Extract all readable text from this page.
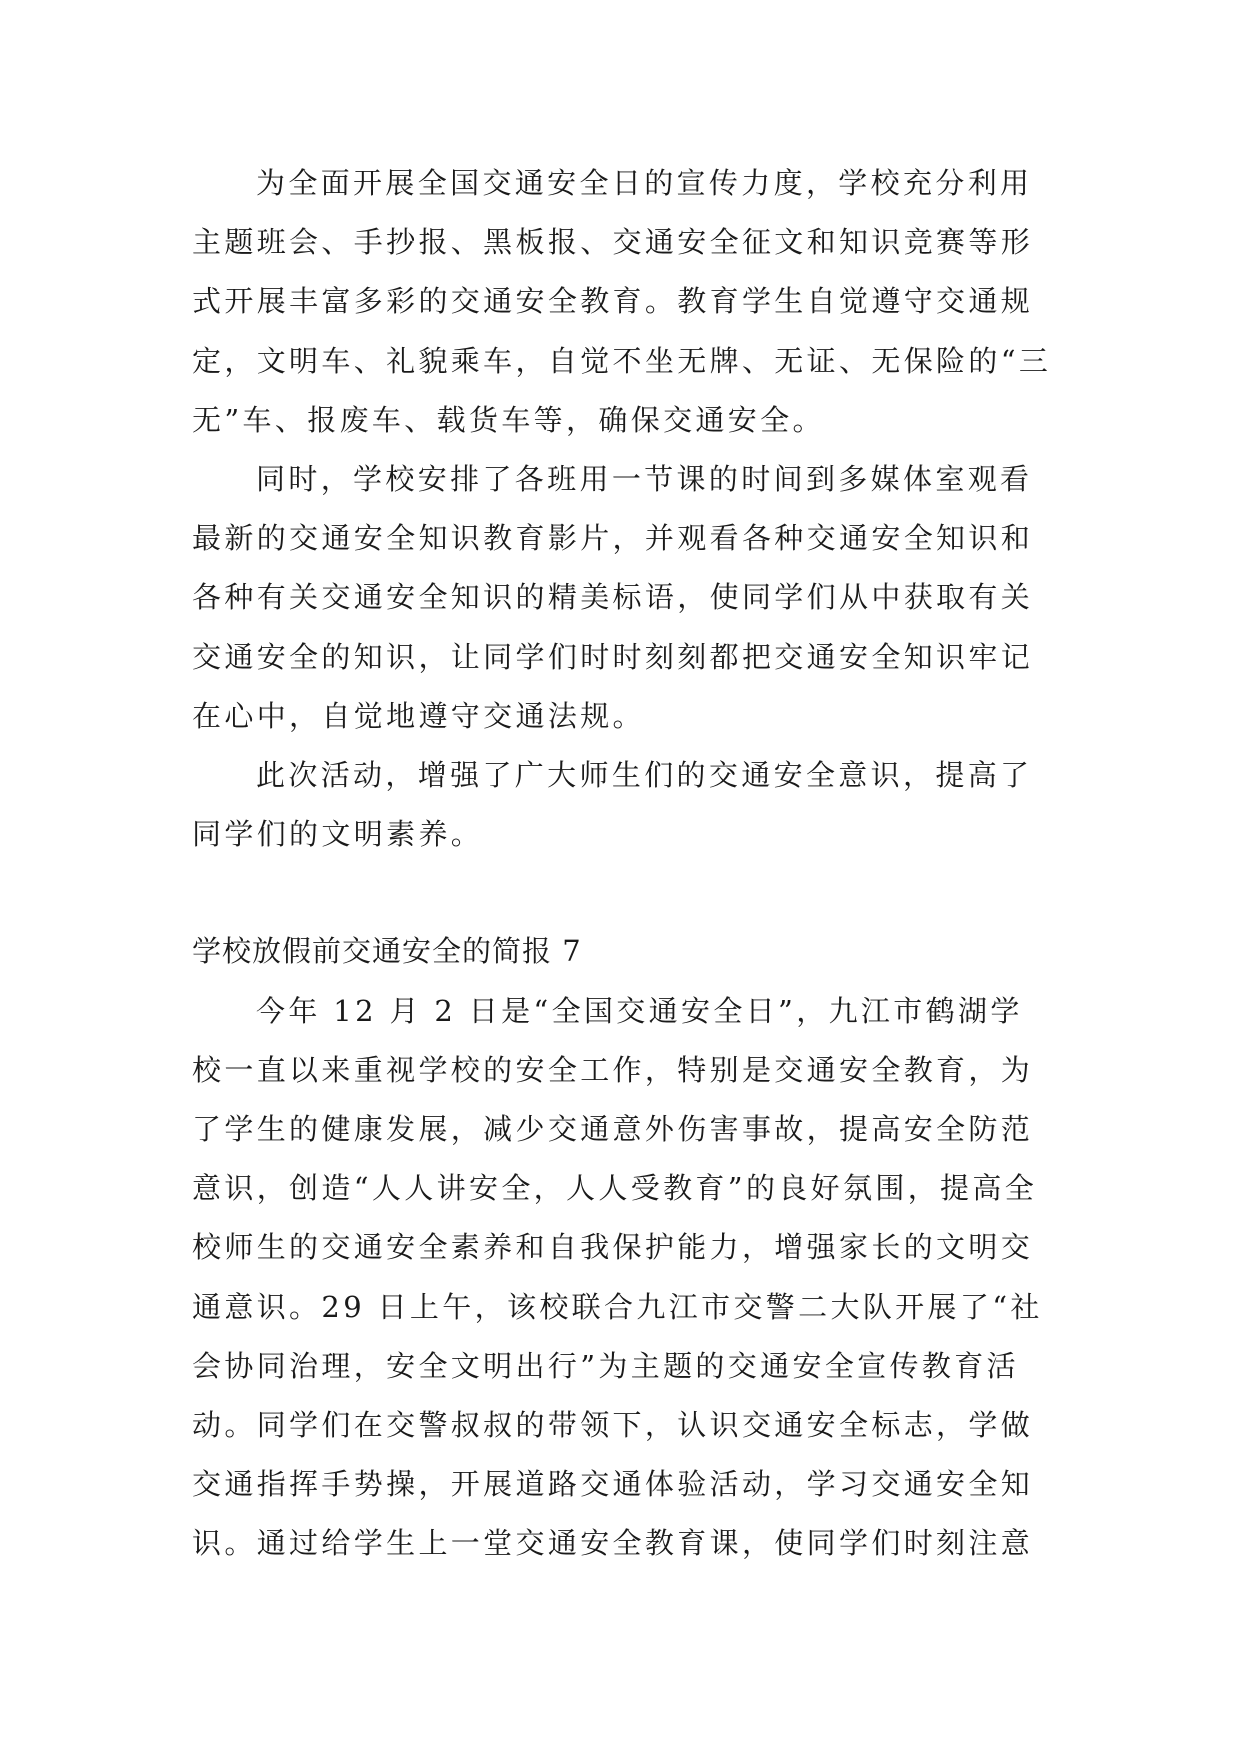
为全面开展全国交通安全日的宣传力度，学校充分利用主题班会、手抄报、黑板报、交通安全征文和知识竞赛等形式开展丰富多彩的交通安全教育。教育学生自觉遵守交通规定，文明车、礼貌乘车，自觉不坐无牌、无证、无保险的“三无”车、报废车、载货车等，确保交通安全。

同时，学校安排了各班用一节课的时间到多媒体室观看最新的交通安全知识教育影片，并观看各种交通安全知识和各种有关交通安全知识的精美标语，使同学们从中获取有关交通安全的知识，让同学们时时刻刻都把交通安全知识牢记在心中，自觉地遵守交通法规。

此次活动，增强了广大师生们的交通安全意识，提高了同学们的文明素养。

学校放假前交通安全的简报 7

今年 12 月 2 日是“全国交通安全日”，九江市鹤湖学校一直以来重视学校的安全工作，特别是交通安全教育，为了学生的健康发展，减少交通意外伤害事故，提高安全防范意识，创造“人人讲安全，人人受教育”的良好氛围，提高全校师生的交通安全素养和自我保护能力，增强家长的文明交通意识。29 日上午，该校联合九江市交警二大队开展了“社会协同治理，安全文明出行”为主题的交通安全宣传教育活动。同学们在交警叔叔的带领下，认识交通安全标志，学做交通指挥手势操，开展道路交通体验活动，学习交通安全知识。通过给学生上一堂交通安全教育课，使同学们时刻注意
